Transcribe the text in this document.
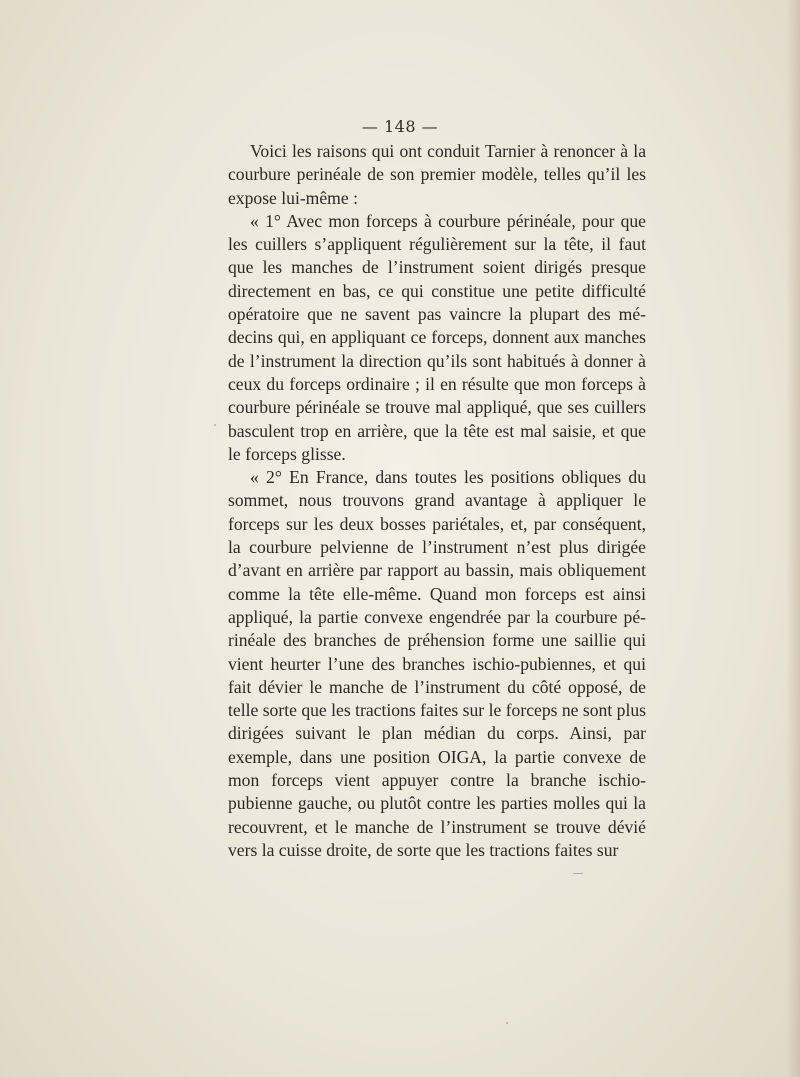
— 148 —

Voici les raisons qui ont conduit Tarnier à renoncer à la courbure perinéale de son premier modèle, telles qu’il les expose lui-même :

« 1° Avec mon forceps à courbure périnéale, pour que les cuillers s’appliquent régulièrement sur la tête, il faut que les manches de l’instrument soient dirigés presque directement en bas, ce qui constitue une petite difficulté opératoire que ne savent pas vaincre la plupart des mé-decins qui, en appliquant ce forceps, donnent aux manches de l’instrument la direction qu’ils sont habitués à donner à ceux du forceps ordinaire ; il en résulte que mon forceps à courbure périnéale se trouve mal appliqué, que ses cuillers basculent trop en arrière, que la tête est mal saisie, et que le forceps glisse.

« 2° En France, dans toutes les positions obliques du sommet, nous trouvons grand avantage à appliquer le forceps sur les deux bosses pariétales, et, par conséquent, la courbure pelvienne de l’instrument n’est plus dirigée d’avant en arrière par rapport au bassin, mais obliquement comme la tête elle-même. Quand mon forceps est ainsi appliqué, la partie convexe engendrée par la courbure pé-rinéale des branches de préhension forme une saillie qui vient heurter l’une des branches ischio-pubiennes, et qui fait dévier le manche de l’instrument du côté opposé, de telle sorte que les tractions faites sur le forceps ne sont plus dirigées suivant le plan médian du corps. Ainsi, par exemple, dans une position OIGA, la partie convexe de mon forceps vient appuyer contre la branche ischio-pubienne gauche, ou plutôt contre les parties molles qui la recouvrent, et le manche de l’instrument se trouve dévié vers la cuisse droite, de sorte que les tractions faites sur
